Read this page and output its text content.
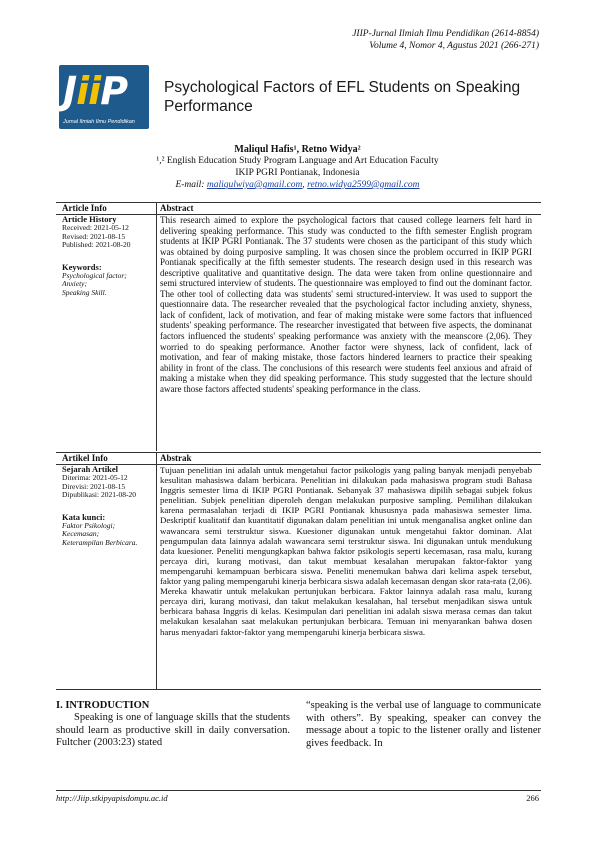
JIIP-Jurnal Ilmiah Ilmu Pendidikan (2614-8854)
Volume 4, Nomor 4, Agustus 2021 (266-271)
JiiP
Jurnal Ilmiah Ilmu Pendidikan
Psychological Factors of EFL Students on Speaking Performance
Maliqul Hafis¹, Retno Widya²
¹,² English Education Study Program Language and Art Education Faculty
IKIP PGRI Pontianak, Indonesia
E-mail: maliqulwiya@gmail.com, retno.widya2599@gmail.com
Article Info	Abstract
Article History
Received: 2021-05-12
Revised: 2021-08-15
Published: 2021-08-20
Keywords:
Psychological factor;
Anxiety;
Speaking Skill.
This research aimed to explore the psychological factors that caused college learners felt hard in delivering speaking performance. This study was conducted to the fifth semester English program students at IKIP PGRI Pontianak. The 37 students were chosen as the participant of this study which was obtained by doing purposive sampling. It was chosen since the problem occurred in IKIP PGRI Pontianak specifically at the fifth semester students. The research design used in this research was descriptive qualitative and quantitative design. The data were taken from online questionnaire and semi structured interview of students. The questionnaire was employed to find out the dominant factor. The other tool of collecting data was students' semi structured-interview. It was used to support the questionnaire data. The researcher revealed that the psychological factor including anxiety, shyness, lack of confident, lack of motivation, and fear of making mistake were some factors that influenced students' speaking performance. The researcher investigated that between five aspects, the dominanat factors influenced the students' speaking performance was anxiety with the meanscore (2,06). They worried to do speaking performance. Another factor were shyness, lack of confident, lack of motivation, and fear of making mistake, those factors hindered learners to practice their speaking ability in front of the class. The conclusions of this research were students feel anxious and afraid of making a mistake when they did speaking performance. This study suggested that the lecture should aware those factors affected students' speaking performance in the class.
Artikel Info	Abstrak
Sejarah Artikel
Diterima: 2021-05-12
Direvisi: 2021-08-15
Dipublikasi: 2021-08-20
Kata kunci:
Faktor Psikologi;
Kecemasan;
Keterampilan Berbicara.
Tujuan penelitian ini adalah untuk mengetahui factor psikologis yang paling banyak menjadi penyebab kesulitan mahasiswa dalam berbicara. Penelitian ini dilakukan pada mahasiswa program studi Bahasa Inggris semester lima di IKIP PGRI Pontianak. Sebanyak 37 mahasiswa dipilih sebagai subjek fokus penelitian. Subjek penelitian diperoleh dengan melakukan purposive sampling. Pemilihan dilakukan karena permasalahan terjadi di IKIP PGRI Pontianak khususnya pada mahasiswa semester lima. Deskriptif kualitatif dan kuantitatif digunakan dalam penelitian ini untuk menganalisa angket online dan wawancara semi terstruktur siswa. Kuesioner digunakan untuk mengetahui faktor dominan. Alat pengumpulan data lainnya adalah wawancara semi terstruktur siswa. Ini digunakan untuk mendukung data kuesioner. Peneliti mengungkapkan bahwa faktor psikologis seperti kecemasan, rasa malu, kurang percaya diri, kurang motivasi, dan takut membuat kesalahan merupakan faktor-faktor yang mempengaruhi kemampuan berbicara siswa. Peneliti menemukan bahwa dari kelima aspek tersebut, faktor yang paling mempengaruhi kinerja berbicara siswa adalah kecemasan dengan skor rata-rata (2,06). Mereka khawatir untuk melakukan pertunjukan berbicara. Faktor lainnya adalah rasa malu, kurang percaya diri, kurang motivasi, dan takut melakukan kesalahan, hal tersebut menjadikan siswa untuk berbicara bahasa Inggris di kelas. Kesimpulan dari penelitian ini adalah siswa merasa cemas dan takut melakukan kesalahan saat melakukan pertunjukan berbicara. Temuan ini menyarankan bahwa dosen harus menyadari faktor-faktor yang mempengaruhi kinerja berbicara siswa.
I. INTRODUCTION
Speaking is one of language skills that the students should learn as productive skill in daily conversation. Fultcher (2003:23) stated
“speaking is the verbal use of language to communicate with others”. By speaking, speaker can convey the message about a topic to the listener orally and listener gives feedback. In
http://Jiip.stkipyapisdompu.ac.id	266
